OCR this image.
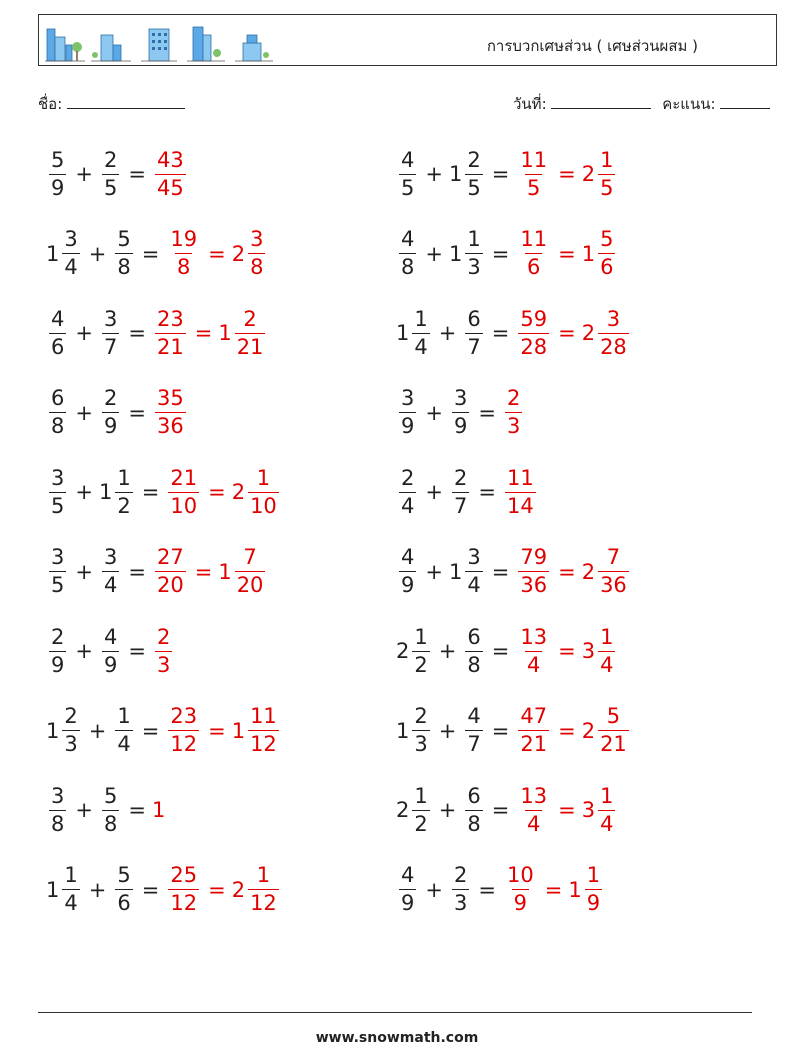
การบวกเศษส่วน ( เศษส่วนผสม )
ชื่อ:	วันที่:	คะแนน:
$\frac{5}{9} + \frac{2}{5} = \frac{43}{45}$	$\frac{4}{5} + 1 \frac{2}{5} = \frac{11}{5} = 2 \frac{1}{5}$
$1 \frac{3}{4} + \frac{5}{8} = \frac{19}{8} = 2 \frac{3}{8}$	$\frac{4}{8} + 1 \frac{1}{3} = \frac{11}{6} = 1 \frac{5}{6}$
$\frac{4}{6} + \frac{3}{7} = \frac{23}{21} = 1 \frac{2}{21}$	$1 \frac{1}{4} + \frac{6}{7} = \frac{59}{28} = 2 \frac{3}{28}$
$\frac{6}{8} + \frac{2}{9} = \frac{35}{36}$	$\frac{3}{9} + \frac{3}{9} = \frac{2}{3}$
$\frac{3}{5} + 1 \frac{1}{2} = \frac{21}{10} = 2 \frac{1}{10}$	$\frac{2}{4} + \frac{2}{7} = \frac{11}{14}$
$\frac{3}{5} + \frac{3}{4} = \frac{27}{20} = 1 \frac{7}{20}$	$\frac{4}{9} + 1 \frac{3}{4} = \frac{79}{36} = 2 \frac{7}{36}$
$\frac{2}{9} + \frac{4}{9} = \frac{2}{3}$	$2 \frac{1}{2} + \frac{6}{8} = \frac{13}{4} = 3 \frac{1}{4}$
$1 \frac{2}{3} + \frac{1}{4} = \frac{23}{12} = 1 \frac{11}{12}$	$1 \frac{2}{3} + \frac{4}{7} = \frac{47}{21} = 2 \frac{5}{21}$
$\frac{3}{8} + \frac{5}{8} = 1$	$2 \frac{1}{2} + \frac{6}{8} = \frac{13}{4} = 3 \frac{1}{4}$
$1 \frac{1}{4} + \frac{5}{6} = \frac{25}{12} = 2 \frac{1}{12}$	$\frac{4}{9} + \frac{2}{3} = \frac{10}{9} = 1 \frac{1}{9}$
www.snowmath.com
